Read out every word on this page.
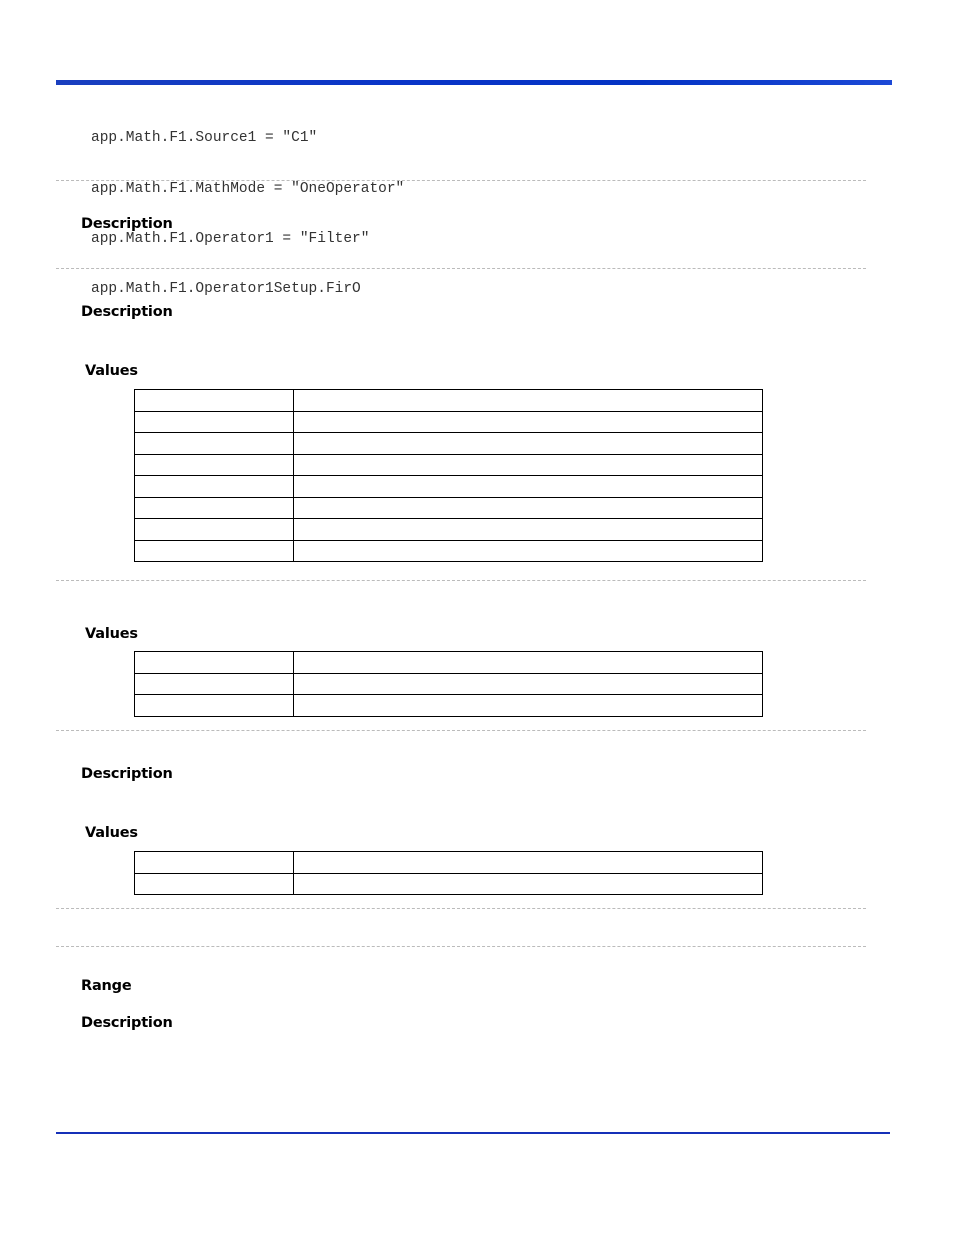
app.Math.F1.Source1 = "C1"

app.Math.F1.MathMode = "OneOperator"

app.Math.F1.Operator1 = "Filter"

app.Math.F1.Operator1Setup.FirO

Description
Description
Values

Values

Description
Values

Range
Description
